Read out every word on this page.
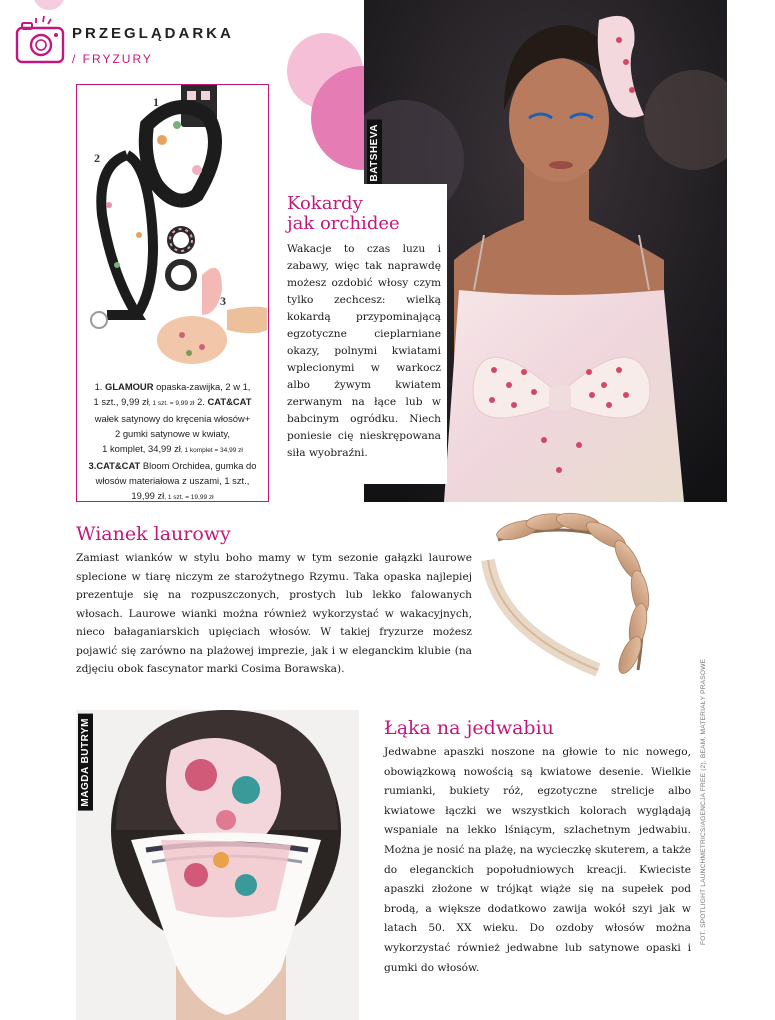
PRZEGLĄDARKA
/ FRYZURY
BATSHEVA
1
2
3
1. GLAMOUR opaska-zawijka, 2 w 1,
1 szt., 9,99 zł, 1 szt. = 9,99 zł 2. CAT&CAT
wałek satynowy do kręcenia włosów+
2 gumki satynowe w kwiaty,
1 komplet, 34,99 zł, 1 komplet = 34,99 zł
3.CAT&CAT Bloom Orchidea, gumka do
włosów materiałowa z uszami, 1 szt.,
19,99 zł, 1 szt. = 19,99 zł
Kokardy
jak orchidee

Wakacje to czas luzu i zabawy, więc tak naprawdę możesz ozdobić włosy czym tylko zechcesz: wielką kokardą przypominającą egzotyczne cieplarniane okazy, polnymi kwiatami wplecionymi w warkocz albo żywym kwiatem zerwanym na łące lub w babcinym ogródku. Niech poniesie cię nieskrępowana siła wyobraźni.

Wianek laurowy

Zamiast wianków w stylu boho mamy w tym sezonie gałązki laurowe splecione w tiarę niczym ze starożytnego Rzymu. Taka opaska najlepiej prezentuje się na rozpuszczonych, prostych lub lekko falowanych włosach. Laurowe wianki można również wykorzystać w wakacyjnych, nieco bałaganiarskich upięciach włosów. W takiej fryzurze możesz pojawić się zarówno na plażowej imprezie, jak i w eleganckim klubie (na zdjęciu obok fascynator marki Cosima Borawska).

MAGDA BUTRYM	Łąka na jedwabiu

Jedwabne apaszki noszone na głowie to nic nowego, obowiązkową nowością są kwiatowe desenie. Wielkie rumianki, bukiety róż, egzotyczne strelicje albo kwiatowe łączki we wszystkich kolorach wyglądają wspaniale na lekko lśniącym, szlachetnym jedwabiu. Można je nosić na plażę, na wycieczkę skuterem, a także do eleganckich popołudniowych kreacji. Kwieciste apaszki złożone w trójkąt wiąże się na supełek pod brodą, a większe dodatkowo zawija wokół szyi jak w latach 50. XX wieku. Do ozdoby włosów można wykorzystać również jedwabne lub satynowe opaski i gumki do włosów.

FOT. SPOTLIGHT LAUNCHMETRICS/AGENCJA FREE (2), BEAM, MATERIAŁY PRASOWE
